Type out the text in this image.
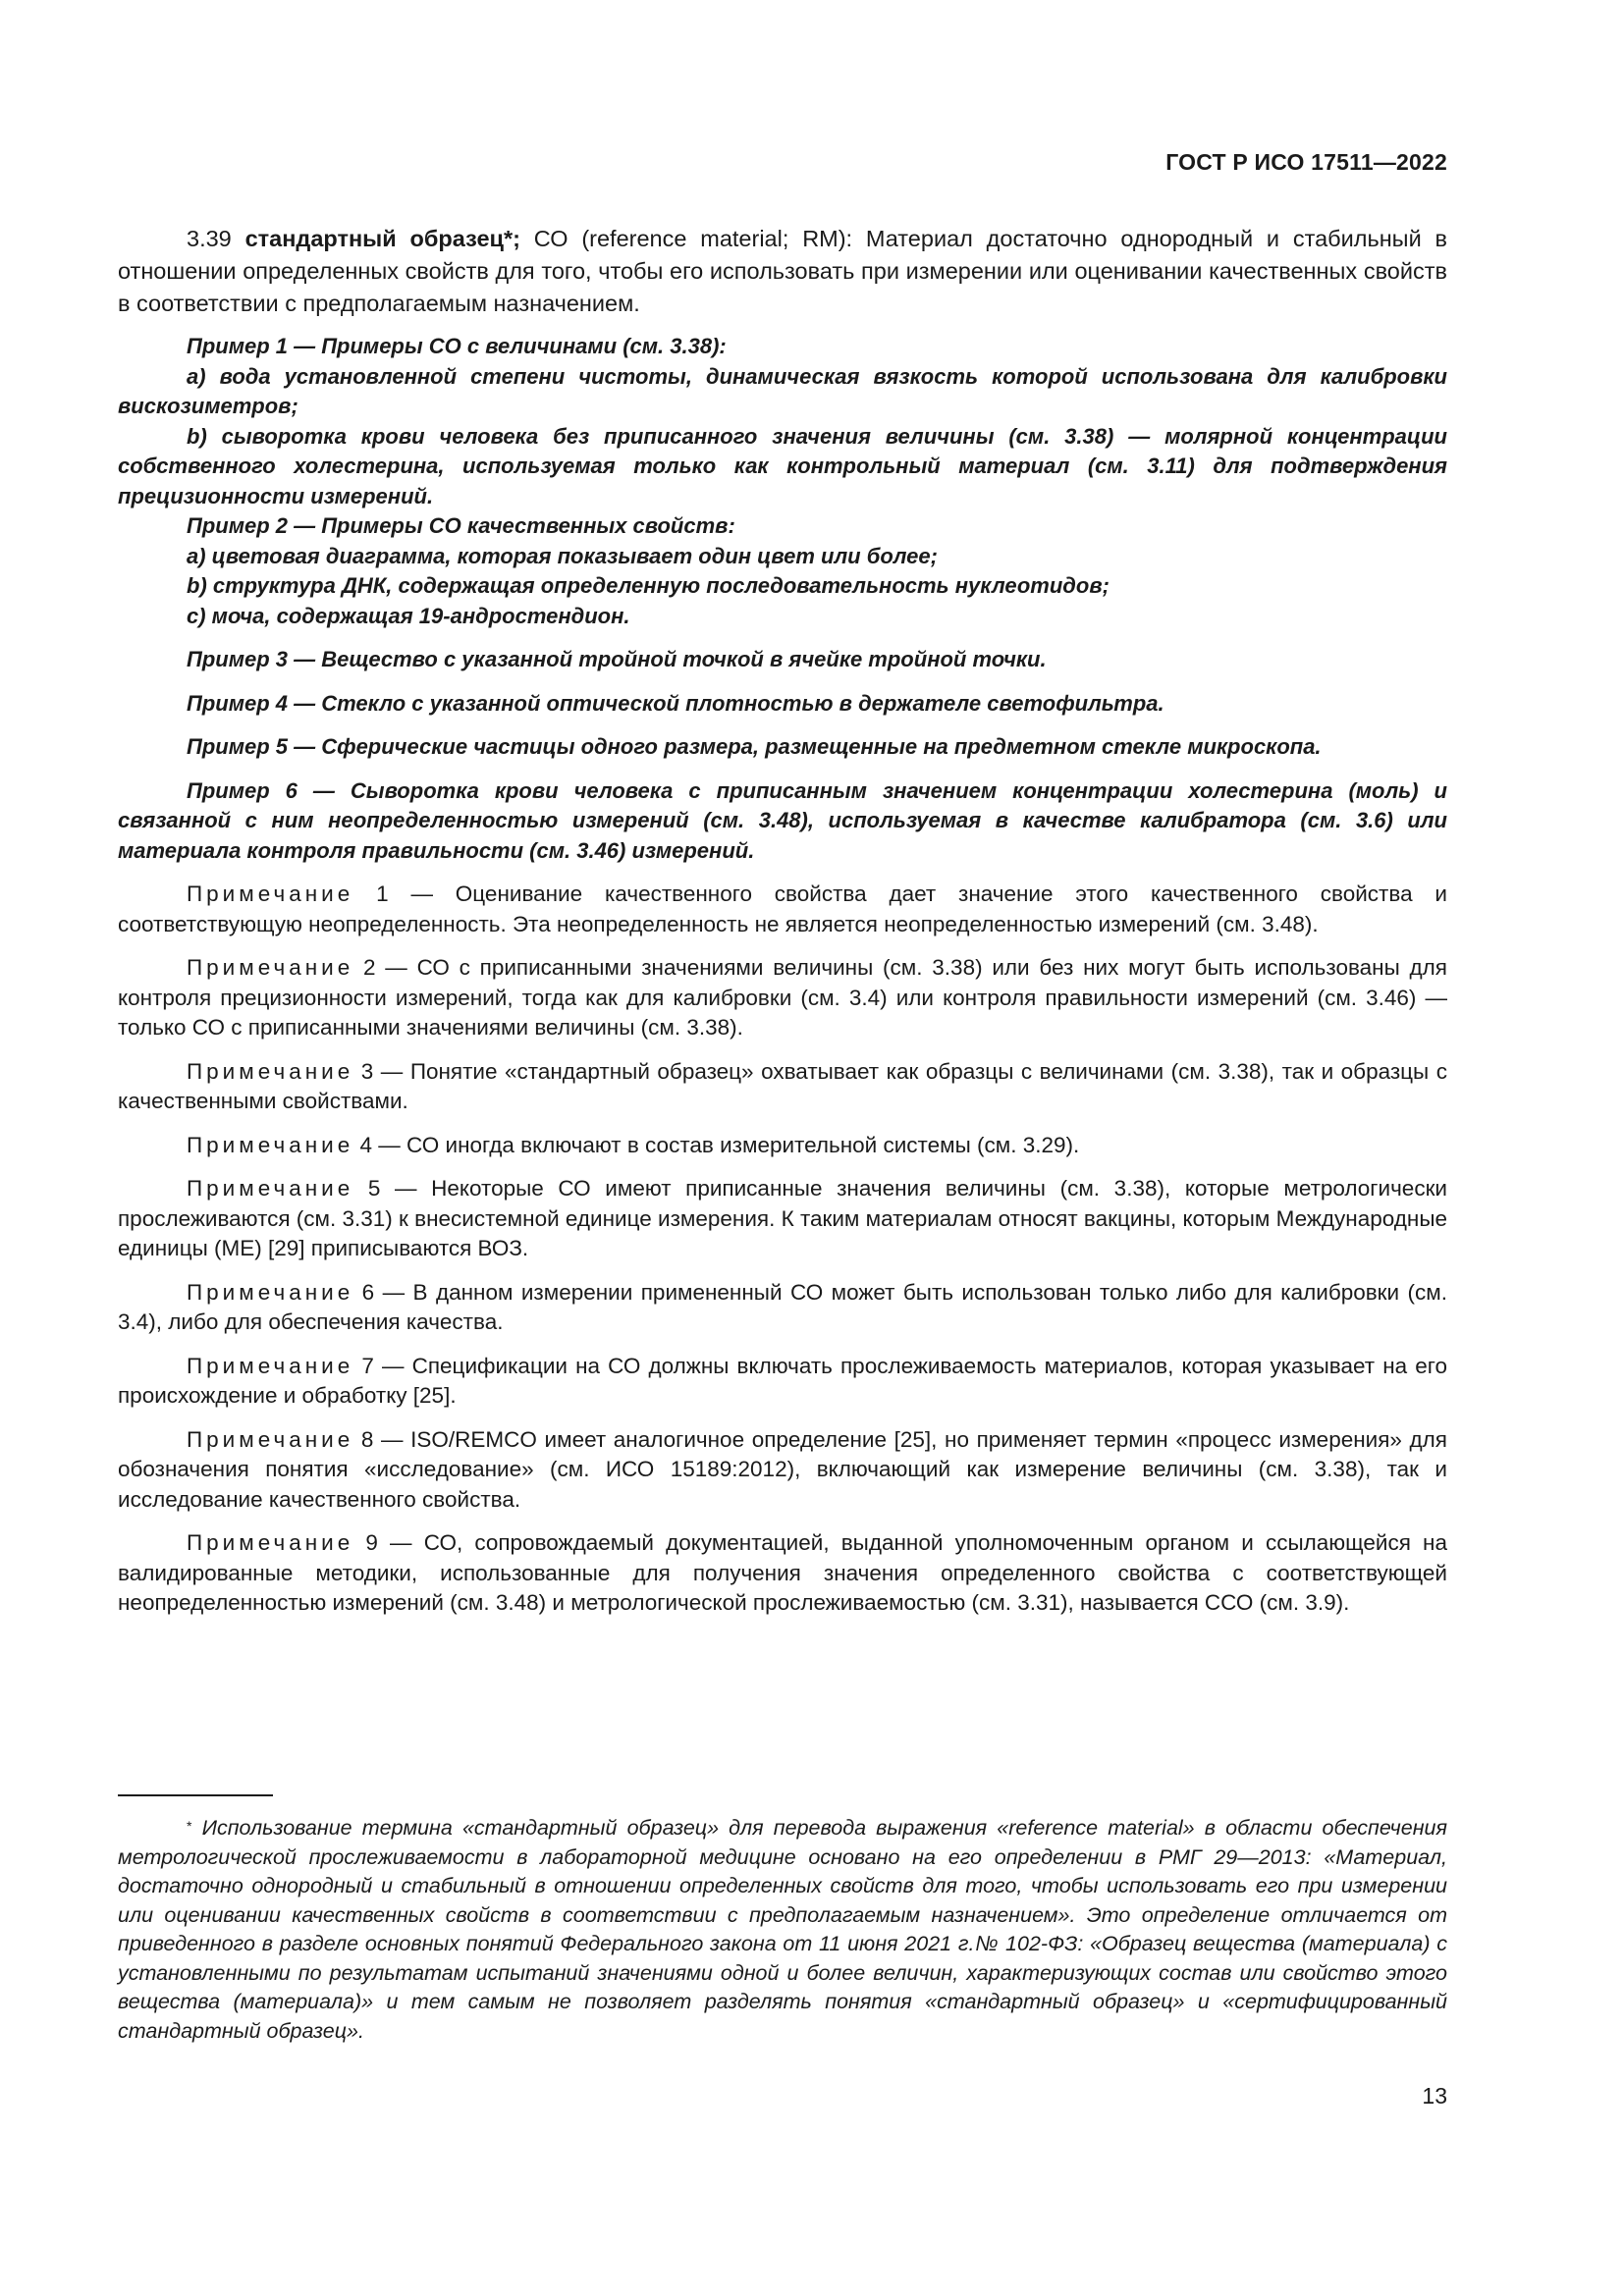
ГОСТ Р ИСО 17511—2022

3.39 стандартный образец*; СО (reference material; RM): Материал достаточно однородный и стабильный в отношении определенных свойств для того, чтобы его использовать при измерении или оценивании качественных свойств в соответствии с предполагаемым назначением.

Пример 1 — Примеры СО с величинами (см. 3.38):

a) вода установленной степени чистоты, динамическая вязкость которой использована для калибровки вискозиметров;

b) сыворотка крови человека без приписанного значения величины (см. 3.38) — молярной концентрации собственного холестерина, используемая только как контрольный материал (см. 3.11) для подтверждения прецизионности измерений.

Пример 2 — Примеры СО качественных свойств:

a) цветовая диаграмма, которая показывает один цвет или более;

b) структура ДНК, содержащая определенную последовательность нуклеотидов;

c) моча, содержащая 19-андростендион.

Пример 3 — Вещество с указанной тройной точкой в ячейке тройной точки.

Пример 4 — Стекло с указанной оптической плотностью в держателе светофильтра.

Пример 5 — Сферические частицы одного размера, размещенные на предметном стекле микроскопа.

Пример 6 — Сыворотка крови человека с приписанным значением концентрации холестерина (моль) и связанной с ним неопределенностью измерений (см. 3.48), используемая в качестве калибратора (см. 3.6) или материала контроля правильности (см. 3.46) измерений.

Примечание 1 — Оценивание качественного свойства дает значение этого качественного свойства и соответствующую неопределенность. Эта неопределенность не является неопределенностью измерений (см. 3.48).

Примечание 2 — СО с приписанными значениями величины (см. 3.38) или без них могут быть использованы для контроля прецизионности измерений, тогда как для калибровки (см. 3.4) или контроля правильности измерений (см. 3.46) — только СО с приписанными значениями величины (см. 3.38).

Примечание 3 — Понятие «стандартный образец» охватывает как образцы с величинами (см. 3.38), так и образцы с качественными свойствами.

Примечание 4 — СО иногда включают в состав измерительной системы (см. 3.29).

Примечание 5 — Некоторые СО имеют приписанные значения величины (см. 3.38), которые метрологически прослеживаются (см. 3.31) к внесистемной единице измерения. К таким материалам относят вакцины, которым Международные единицы (МЕ) [29] приписываются ВОЗ.

Примечание 6 — В данном измерении примененный СО может быть использован только либо для калибровки (см. 3.4), либо для обеспечения качества.

Примечание 7 — Спецификации на СО должны включать прослеживаемость материалов, которая указывает на его происхождение и обработку [25].

Примечание 8 — ISO/REMCO имеет аналогичное определение [25], но применяет термин «процесс измерения» для обозначения понятия «исследование» (см. ИСО 15189:2012), включающий как измерение величины (см. 3.38), так и исследование качественного свойства.

Примечание 9 — СО, сопровождаемый документацией, выданной уполномоченным органом и ссылающейся на валидированные методики, использованные для получения значения определенного свойства с соответствующей неопределенностью измерений (см. 3.48) и метрологической прослеживаемостью (см. 3.31), называется ССО (см. 3.9).

* Использование термина «стандартный образец» для перевода выражения «reference material» в области обеспечения метрологической прослеживаемости в лабораторной медицине основано на его определении в РМГ 29—2013: «Материал, достаточно однородный и стабильный в отношении определенных свойств для того, чтобы использовать его при измерении или оценивании качественных свойств в соответствии с предполагаемым назначением». Это определение отличается от приведенного в разделе основных понятий Федерального закона от 11 июня 2021 г.№ 102-ФЗ: «Образец вещества (материала) с установленными по результатам испытаний значениями одной и более величин, характеризующих состав или свойство этого вещества (материала)» и тем самым не позволяет разделять понятия «стандартный образец» и «сертифицированный стандартный образец».

13
